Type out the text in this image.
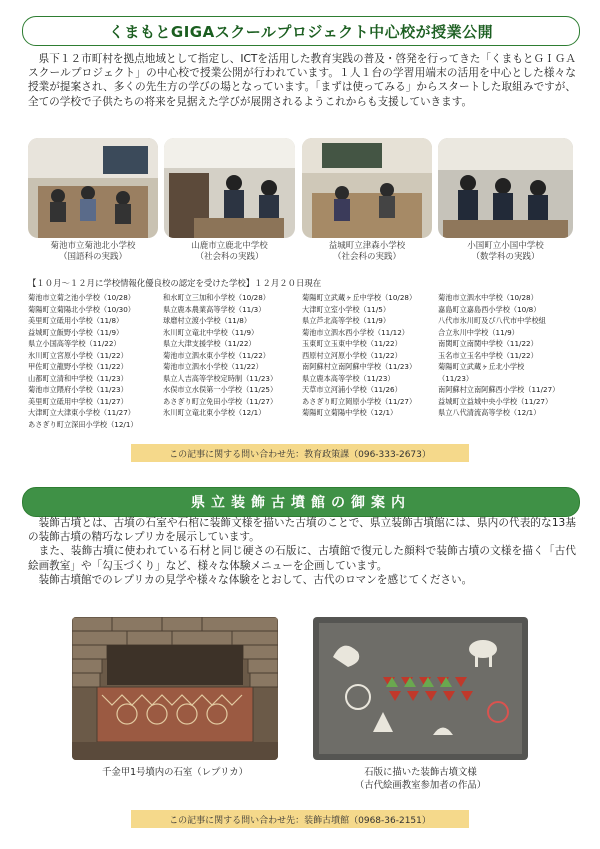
くまもとGIGAスクールプロジェクト中心校が授業公開
県下１２市町村を拠点地域として指定し、ICTを活用した教育実践の普及・啓発を行ってきた「くまもとＧＩＧＡスクールプロジェクト」の中心校で授業公開が行われています。１人１台の学習用端末の活用を中心とした様々な授業が提案され、多くの先生方の学びの場となっています。「まずは使ってみる」からスタートした取組みですが、全ての学校で子供たちの将来を見据えた学びが展開されるようこれからも支援していきます。
菊池市立菊池北小学校
（国語科の実践）
山鹿市立鹿北中学校
（社会科の実践）
益城町立津森小学校
（社会科の実践）
小国町立小国中学校
（数学科の実践）
【１０月～１２月に学校情報化優良校の認定を受けた学校】１２月２０日現在
菊池市立菊之池小学校（10/28）
菊陽町立菊陽北小学校（10/30）
美里町立砥用小学校（11/8）
益城町立飯野小学校（11/9）
県立小国高等学校（11/22）
氷川町立宮原小学校（11/22）
甲佐町立龍野小学校（11/22）
山都町立清和中学校（11/23）
菊池市立隈府小学校（11/23）
美里町立砥用中学校（11/27）
大津町立大津東小学校（11/27）
あさぎり町立深田小学校（12/1）
和水町立三加和小学校（10/28）
県立鹿本農業高等学校（11/3）
球磨村立渡小学校（11/8）
氷川町立竜北中学校（11/9）
県立大津支援学校（11/22）
菊池市立泗水東小学校（11/22）
菊池市立泗水小学校（11/22）
県立人吉高等学校定時制（11/23）
水俣市立水俣第一小学校（11/25）
あさぎり町立免田小学校（11/27）
氷川町立竜北東小学校（12/1）
菊陽町立武蔵ヶ丘中学校（10/28）
大津町立室小学校（11/5）
県立芦北高等学校（11/9）
菊池市立泗水西小学校（11/12）
玉東町立玉東中学校（11/22）
西原村立河原小学校（11/22）
南阿蘇村立南阿蘇中学校（11/23）
県立鹿本高等学校（11/23）
天草市立河浦小学校（11/26）
あさぎり町立岡原小学校（11/27）
菊陽町立菊陽中学校（12/1）
菊池市立泗水中学校（10/28）
嘉島町立嘉島西小学校（10/8）
八代市氷川町及び八代市中学校組
合立氷川中学校（11/9）
南関町立南関中学校（11/22）
玉名市立玉名中学校（11/22）
菊陽町立武蔵ヶ丘北小学校
（11/23）
南阿蘇村立南阿蘇西小学校（11/27）
益城町立益城中央小学校（11/27）
県立八代清流高等学校（12/1）
この記事に関する問い合わせ先：教育政策課（096-333-2673）
県立装飾古墳館の御案内
装飾古墳とは、古墳の石室や石棺に装飾文様を描いた古墳のことで、県立装飾古墳館には、県内の代表的な13基の装飾古墳の精巧なレプリカを展示しています。
また、装飾古墳に使われている石材と同じ硬さの石版に、古墳館で復元した顔料で装飾古墳の文様を描く「古代絵画教室」や「勾玉づくり」など、様々な体験メニューを企画しています。
装飾古墳館でのレプリカの見学や様々な体験をとおして、古代のロマンを感じてください。
千金甲1号墳内の石室（レプリカ）	石版に描いた装飾古墳文様
（古代絵画教室参加者の作品）
この記事に関する問い合わせ先：装飾古墳館（0968-36-2151）
